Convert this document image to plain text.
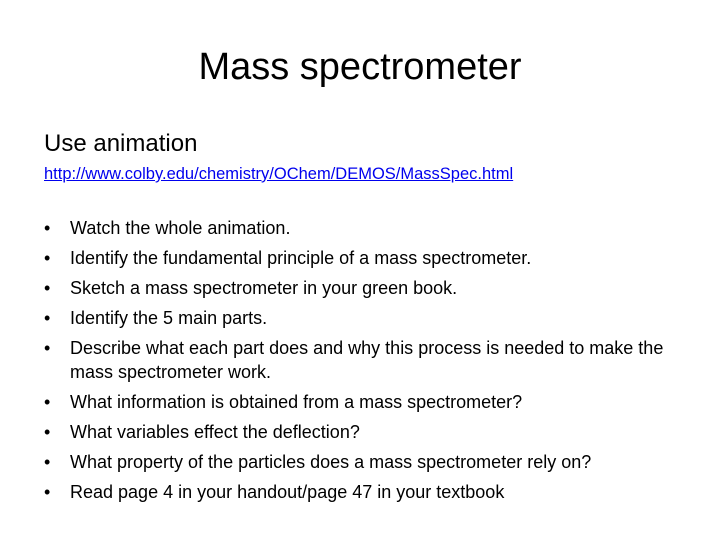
Mass spectrometer

Use animation

http://www.colby.edu/chemistry/OChem/DEMOS/MassSpec.html
•
Watch the whole animation.
•
Identify the fundamental principle of a mass spectrometer.
•
Sketch a mass spectrometer in your green book.
•
Identify the 5 main parts.
•
Describe what each part does and why this process is needed to make the mass spectrometer work.
•
What information is obtained from a mass spectrometer?
•
What variables effect the deflection?
•
What property of the particles does a mass spectrometer rely on?
•
Read page 4 in your handout/page 47 in your textbook
